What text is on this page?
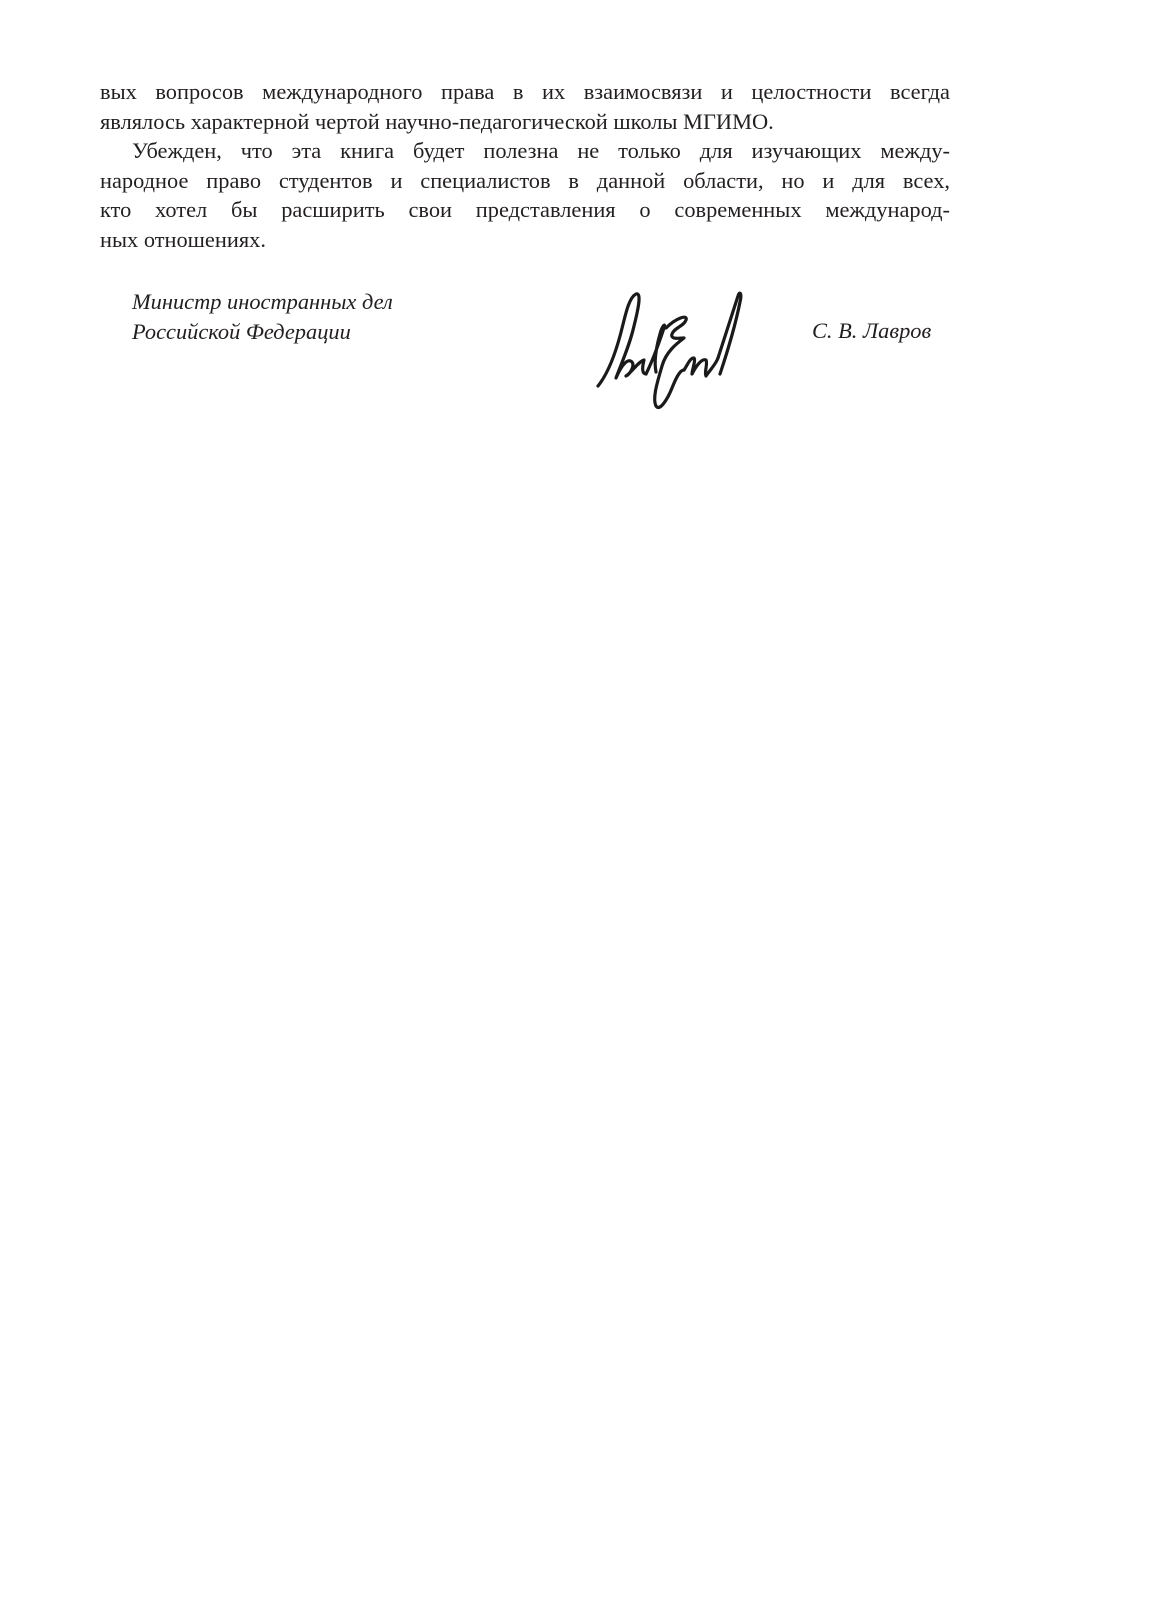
вых вопросов международного права в их взаимосвязи и целостности всегда
являлось характерной чертой научно-педагогической школы МГИМО.
Убежден, что эта книга будет полезна не только для изучающих между-
народное право студентов и специалистов в данной области, но и для всех,
кто хотел бы расширить свои представления о современных международ-
ных отношениях.
Министр иностранных дел
Российской Федерации	С. В. Лавров
